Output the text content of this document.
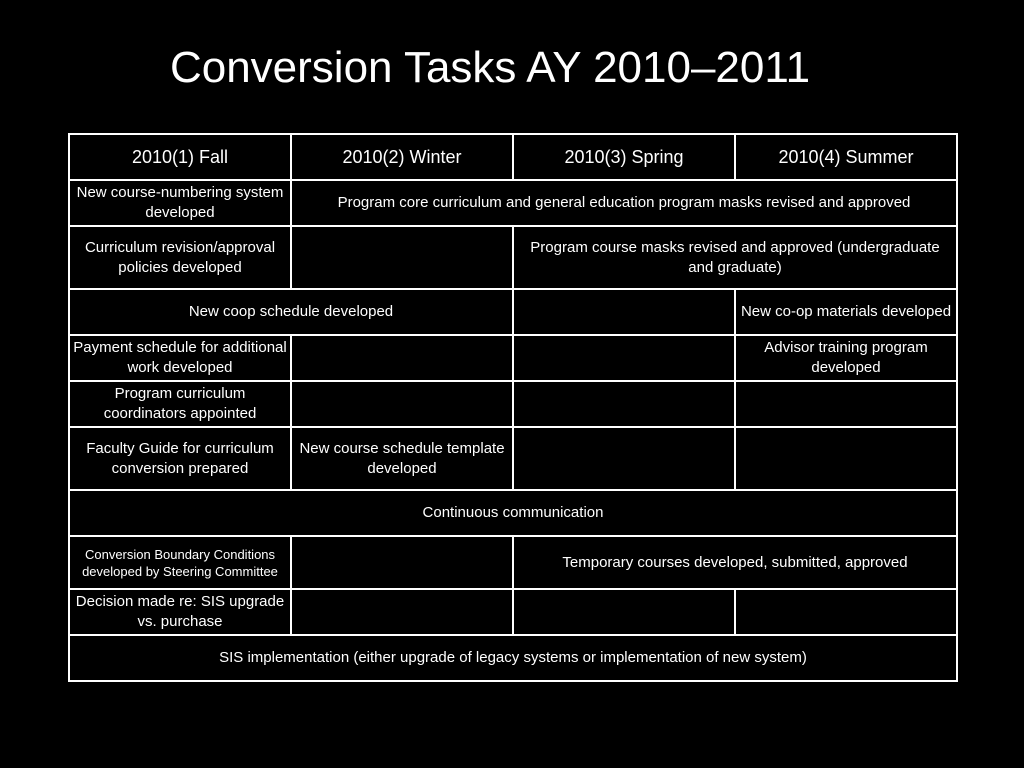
Conversion Tasks AY 2010–2011
2010(1) Fall	2010(2) Winter	2010(3) Spring	2010(4) Summer
New course-numbering system developed	Program core curriculum and general education program masks revised and approved		
Curriculum revision/approval policies developed		Program course masks revised and approved (undergraduate and graduate)	
New coop schedule developed			New co-op materials developed
Payment schedule for additional work developed			Advisor training program developed
Program curriculum coordinators appointed			
Faculty Guide for curriculum conversion prepared	New course schedule template developed		
Continuous communication			
Conversion Boundary Conditions developed by Steering Committee		Temporary courses developed, submitted, approved	
Decision made re: SIS upgrade vs. purchase			
SIS implementation (either upgrade of legacy systems or implementation of new system)			
